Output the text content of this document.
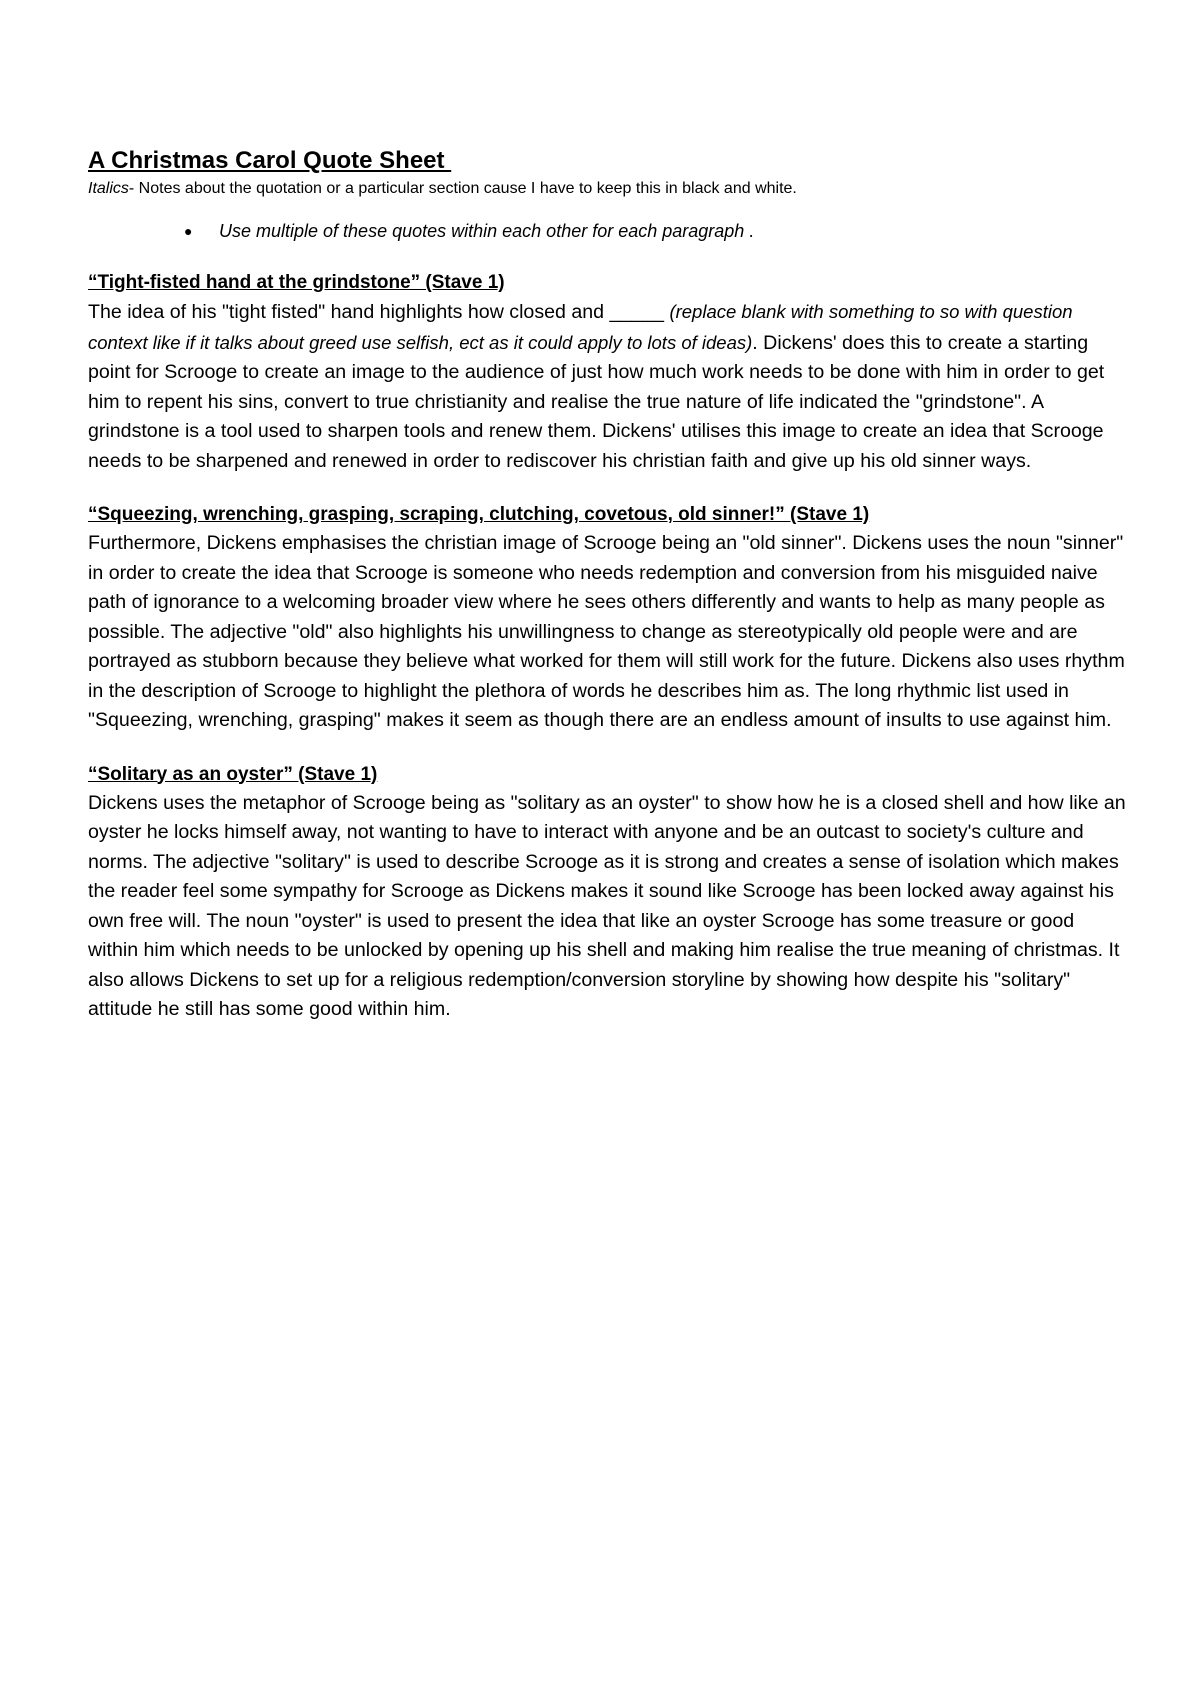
A Christmas Carol Quote Sheet

Italics- Notes about the quotation or a particular section cause I have to keep this in black and white.

● Use multiple of these quotes within each other for each paragraph .
“Tight-fisted hand at the grindstone” (Stave 1)

The idea of his "tight fisted" hand highlights how closed and _____ (replace blank with something to so with question context like if it talks about greed use selfish, ect as it could apply to lots of ideas). Dickens' does this to create a starting point for Scrooge to create an image to the audience of just how much work needs to be done with him in order to get him to repent his sins, convert to true christianity and realise the true nature of life indicated the "grindstone". A grindstone is a tool used to sharpen tools and renew them. Dickens' utilises this image to create an idea that Scrooge needs to be sharpened and renewed in order to rediscover his christian faith and give up his old sinner ways.

“Squeezing, wrenching, grasping, scraping, clutching, covetous, old sinner!” (Stave 1)

Furthermore, Dickens emphasises the christian image of Scrooge being an "old sinner". Dickens uses the noun "sinner" in order to create the idea that Scrooge is someone who needs redemption and conversion from his misguided naive path of ignorance to a welcoming broader view where he sees others differently and wants to help as many people as possible. The adjective "old" also highlights his unwillingness to change as stereotypically old people were and are portrayed as stubborn because they believe what worked for them will still work for the future. Dickens also uses rhythm in the description of Scrooge to highlight the plethora of words he describes him as. The long rhythmic list used in "Squeezing, wrenching, grasping" makes it seem as though there are an endless amount of insults to use against him.

“Solitary as an oyster” (Stave 1)

Dickens uses the metaphor of Scrooge being as "solitary as an oyster" to show how he is a closed shell and how like an oyster he locks himself away, not wanting to have to interact with anyone and be an outcast to society's culture and norms. The adjective "solitary" is used to describe Scrooge as it is strong and creates a sense of isolation which makes the reader feel some sympathy for Scrooge as Dickens makes it sound like Scrooge has been locked away against his own free will. The noun "oyster" is used to present the idea that like an oyster Scrooge has some treasure or good within him which needs to be unlocked by opening up his shell and making him realise the true meaning of christmas. It also allows Dickens to set up for a religious redemption/conversion storyline by showing how despite his "solitary" attitude he still has some good within him.
